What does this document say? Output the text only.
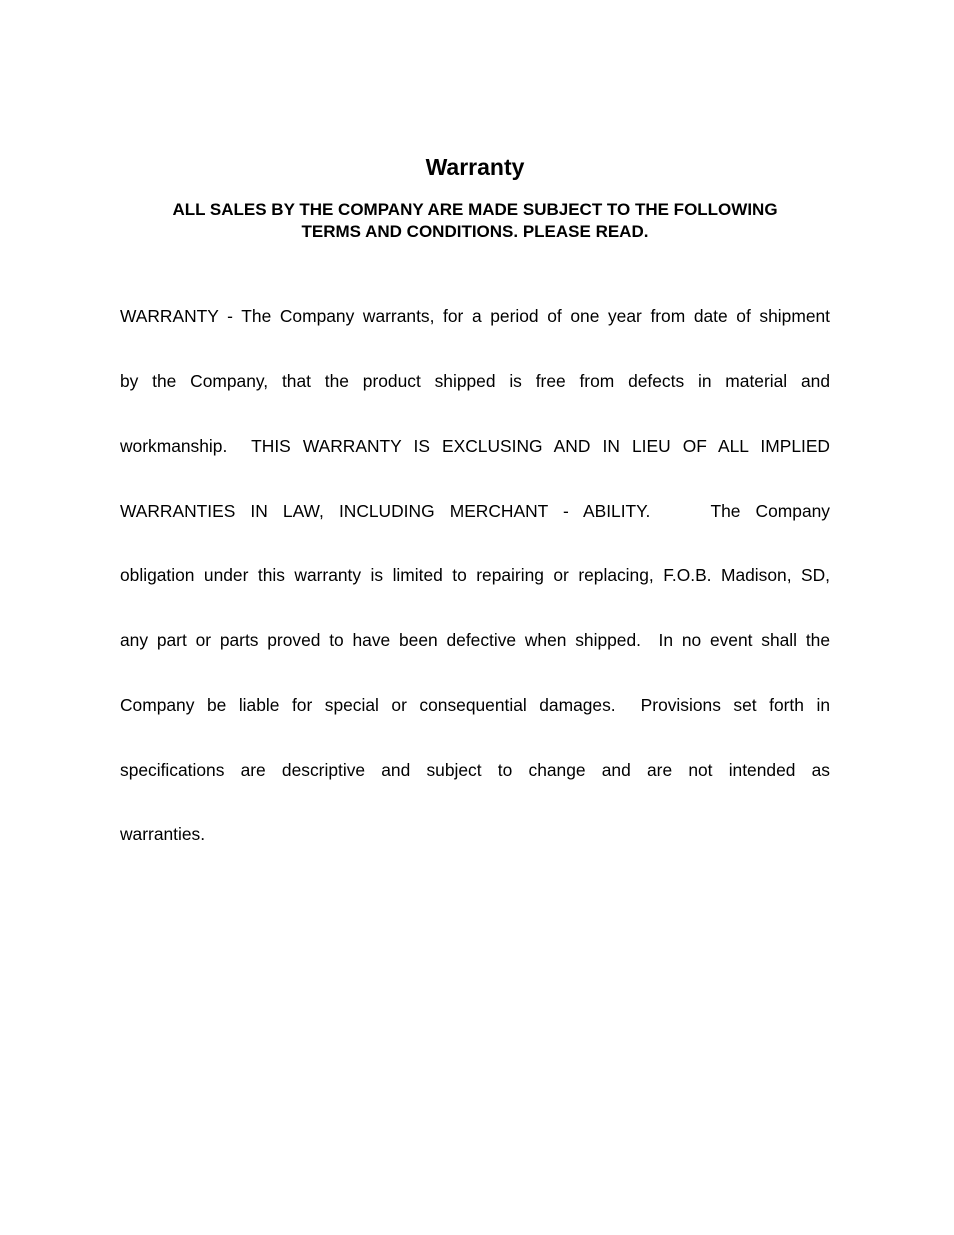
Warranty
ALL SALES BY THE COMPANY ARE MADE SUBJECT TO THE FOLLOWING
TERMS AND CONDITIONS. PLEASE READ.

WARRANTY - The Company warrants, for a period of one year from date of shipment

by the Company, that the product shipped is free from defects in material and

workmanship.  THIS WARRANTY IS EXCLUSING AND IN LIEU OF ALL IMPLIED

WARRANTIES IN LAW, INCLUDING MERCHANT - ABILITY.    The Company

obligation under this warranty is limited to repairing or replacing, F.O.B. Madison, SD,

any part or parts proved to have been defective when shipped.  In no event shall the

Company be liable for special or consequential damages.  Provisions set forth in

specifications are descriptive and subject to change and are not intended as

warranties.
